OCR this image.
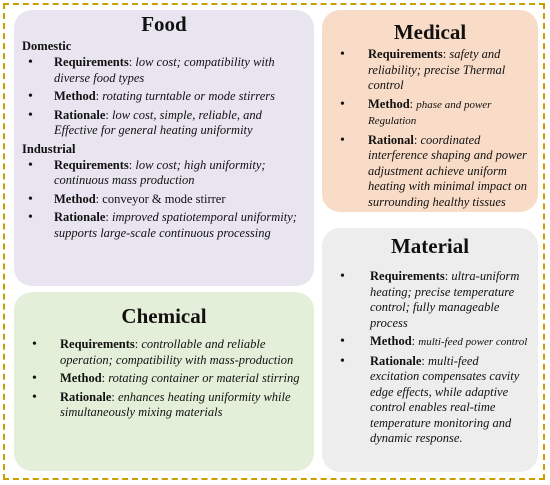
Food
Domestic
• Requirements: low cost; compatibility with diverse food types
• Method: rotating turntable or mode stirrers
• Rationale: low cost, simple, reliable, and Effective for general heating uniformity
Industrial
• Requirements: low cost; high uniformity; continuous mass production
• Method: conveyor & mode stirrer
• Rationale: improved spatiotemporal uniformity; supports large-scale continuous processing
Medical
• Requirements: safety and reliability; precise Thermal control
• Method: phase and power Regulation
• Rational: coordinated interference shaping and power adjustment achieve uniform heating with minimal impact on surrounding healthy tissues
Chemical
• Requirements: controllable and reliable operation; compatibility with mass-production
• Method: rotating container or material stirring
• Rationale: enhances heating uniformity while simultaneously mixing materials
Material
• Requirements: ultra-uniform heating; precise temperature control; fully manageable process
• Method: multi-feed power control
• Rationale: multi-feed excitation compensates cavity edge effects, while adaptive control enables real-time temperature monitoring and dynamic response.
